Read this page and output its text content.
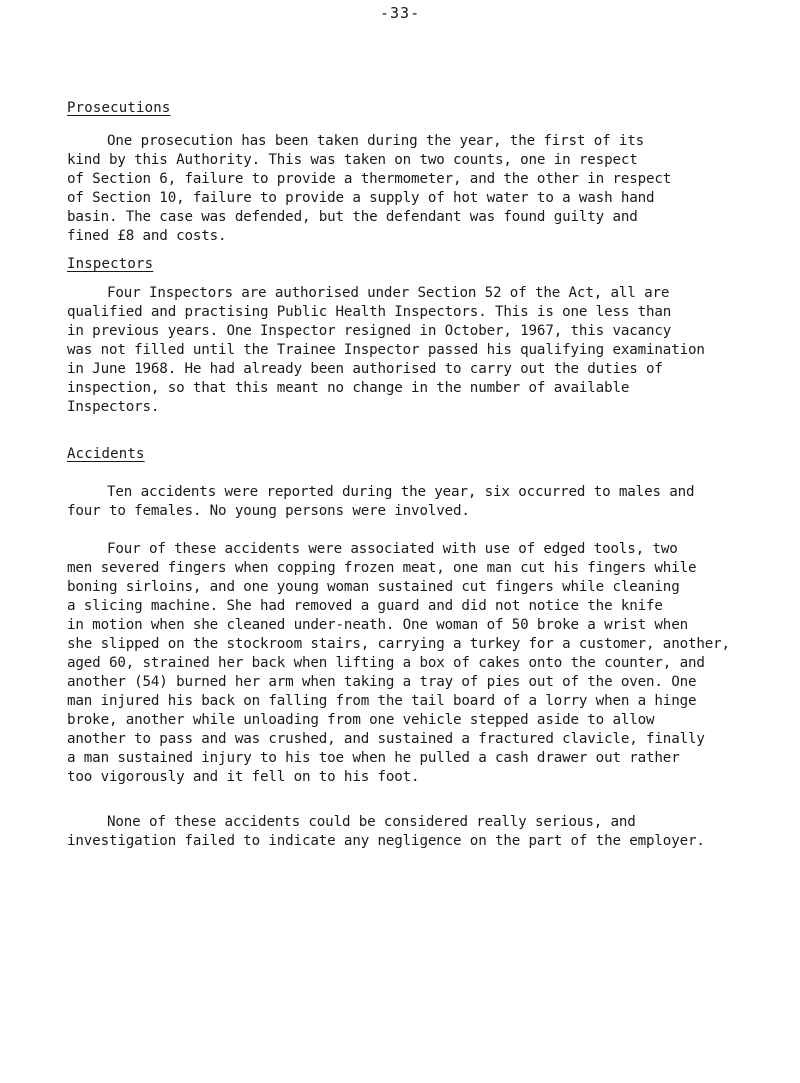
-33-
Prosecutions
One prosecution has been taken during the year, the first of its
kind by this Authority. This was taken on two counts, one in respect
of Section 6, failure to provide a thermometer, and the other in respect
of Section 10, failure to provide a supply of hot water to a wash hand
basin. The case was defended, but the defendant was found guilty and
fined £8 and costs.
Inspectors
Four Inspectors are authorised under Section 52 of the Act, all are
qualified and practising Public Health Inspectors. This is one less than
in previous years. One Inspector resigned in October, 1967, this vacancy
was not filled until the Trainee Inspector passed his qualifying examination
in June 1968. He had already been authorised to carry out the duties of
inspection, so that this meant no change in the number of available
Inspectors.
Accidents
Ten accidents were reported during the year, six occurred to males and
four to females. No young persons were involved.
Four of these accidents were associated with use of edged tools, two
men severed fingers when copping frozen meat, one man cut his fingers while
boning sirloins, and one young woman sustained cut fingers while cleaning
a slicing machine. She had removed a guard and did not notice the knife
in motion when she cleaned under-neath. One woman of 50 broke a wrist when
she slipped on the stockroom stairs, carrying a turkey for a customer, another,
aged 60, strained her back when lifting a box of cakes onto the counter, and
another (54) burned her arm when taking a tray of pies out of the oven. One
man injured his back on falling from the tail board of a lorry when a hinge
broke, another while unloading from one vehicle stepped aside to allow
another to pass and was crushed, and sustained a fractured clavicle, finally
a man sustained injury to his toe when he pulled a cash drawer out rather
too vigorously and it fell on to his foot.
None of these accidents could be considered really serious, and
investigation failed to indicate any negligence on the part of the employer.
